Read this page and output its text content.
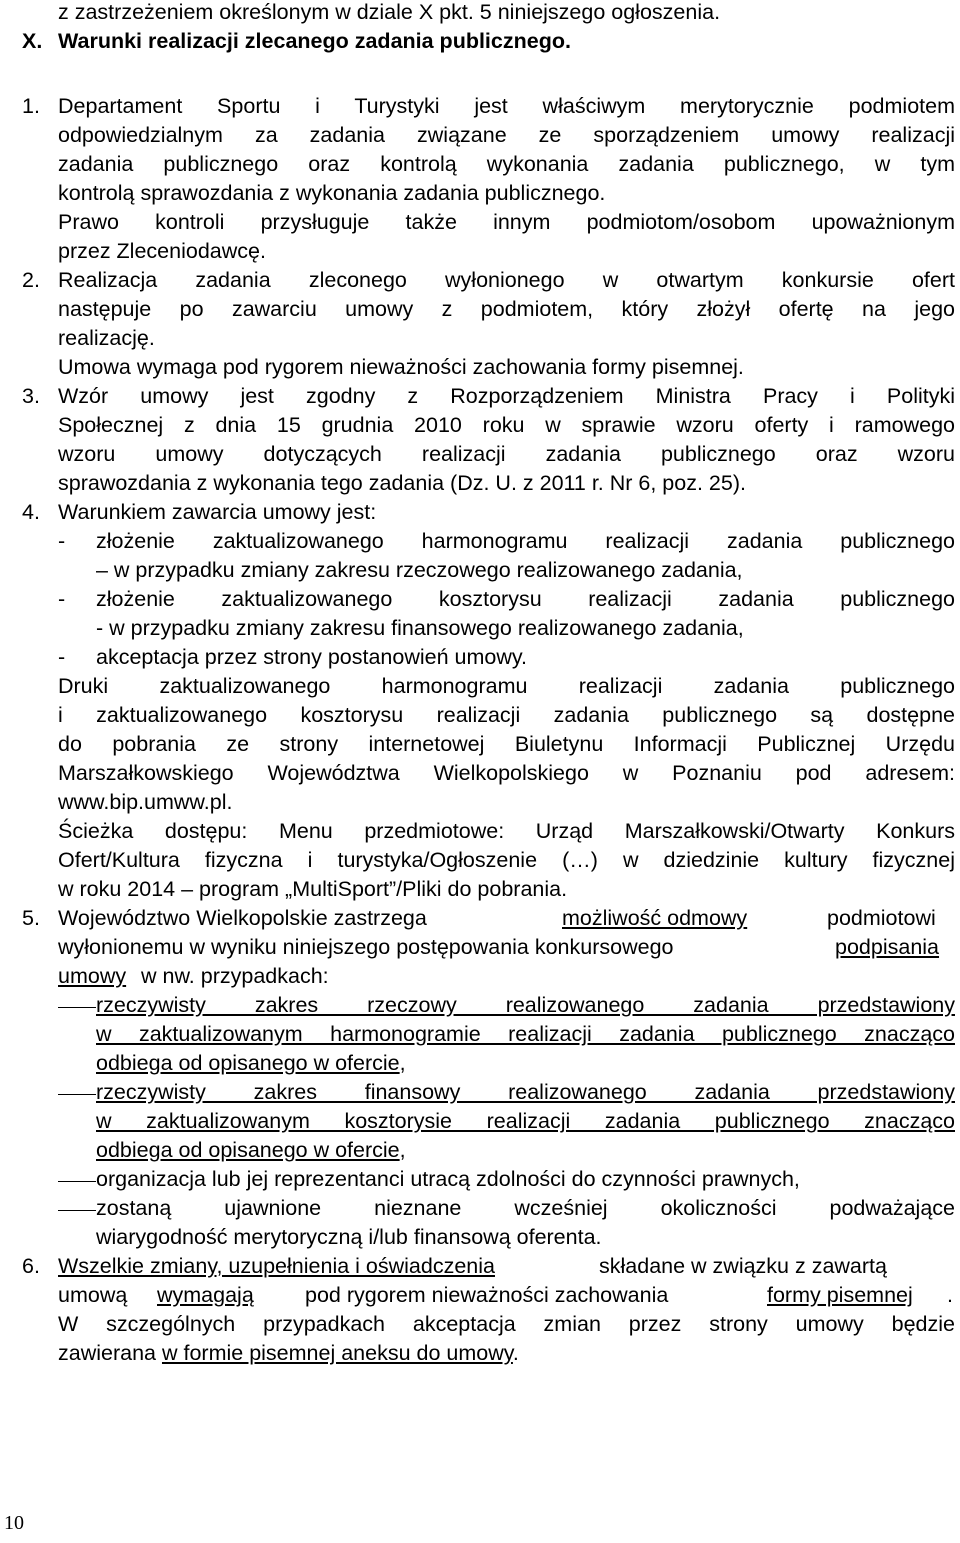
z zastrzeżeniem określonym w dziale X pkt. 5 niniejszego ogłoszenia.
X. Warunki realizacji zlecanego zadania publicznego.
1. Departament Sportu i Turystyki jest właściwym merytorycznie podmiotem
odpowiedzialnym za zadania związane ze sporządzeniem umowy realizacji
zadania publicznego oraz kontrolą wykonania zadania publicznego, w tym
kontrolą sprawozdania z wykonania zadania publicznego.
Prawo kontroli przysługuje także innym podmiotom/osobom upoważnionym
przez Zleceniodawcę.
2. Realizacja zadania zleconego wyłonionego w otwartym konkursie ofert
następuje po zawarciu umowy z podmiotem, który złożył ofertę na jego
realizację.
Umowa wymaga pod rygorem nieważności zachowania formy pisemnej.
3. Wzór umowy jest zgodny z Rozporządzeniem Ministra Pracy i Polityki
Społecznej z dnia 15 grudnia 2010 roku w sprawie wzoru oferty i ramowego
wzoru umowy dotyczących realizacji zadania publicznego oraz wzoru
sprawozdania z wykonania tego zadania (Dz. U. z 2011 r. Nr 6, poz. 25).
4. Warunkiem zawarcia umowy jest:
- złożenie zaktualizowanego harmonogramu realizacji zadania publicznego
– w przypadku zmiany zakresu rzeczowego realizowanego zadania,
- złożenie zaktualizowanego kosztorysu realizacji zadania publicznego
- w przypadku zmiany zakresu finansowego realizowanego zadania,
- akceptacja przez strony postanowień umowy.
Druki zaktualizowanego harmonogramu realizacji zadania publicznego
i zaktualizowanego kosztorysu realizacji zadania publicznego są dostępne
do pobrania ze strony internetowej Biuletynu Informacji Publicznej Urzędu
Marszałkowskiego Województwa Wielkopolskiego w Poznaniu pod adresem:
www.bip.umww.pl.
Ścieżka dostępu: Menu przedmiotowe: Urząd Marszałkowski/Otwarty Konkurs
Ofert/Kultura fizyczna i turystyka/Ogłoszenie (…) w dziedzinie kultury fizycznej
w roku 2014 – program „MultiSport”/Pliki do pobrania.
5. Województwo Wielkopolskie zastrzega	możliwość odmowy	podmiotowi
wyłonionemu w wyniku niniejszego postępowania konkursowego	podpisania
umowy w nw. przypadkach:
rzeczywisty zakres rzeczowy realizowanego zadania przedstawiony
w zaktualizowanym harmonogramie realizacji zadania publicznego znacząco
odbiega od opisanego w ofercie,
rzeczywisty zakres finansowy realizowanego zadania przedstawiony
w zaktualizowanym kosztorysie realizacji zadania publicznego znacząco
odbiega od opisanego w ofercie,
organizacja lub jej reprezentanci utracą zdolności do czynności prawnych,
zostaną ujawnione nieznane wcześniej okoliczności podważające
wiarygodność merytoryczną i/lub finansową oferenta.
6. Wszelkie zmiany, uzupełnienia i oświadczenia	składane w związku z zawartą
umową wymagają pod rygorem nieważności zachowania	formy pisemnej .
W szczególnych przypadkach akceptacja zmian przez strony umowy będzie
zawierana w formie pisemnej aneksu do umowy.
10
